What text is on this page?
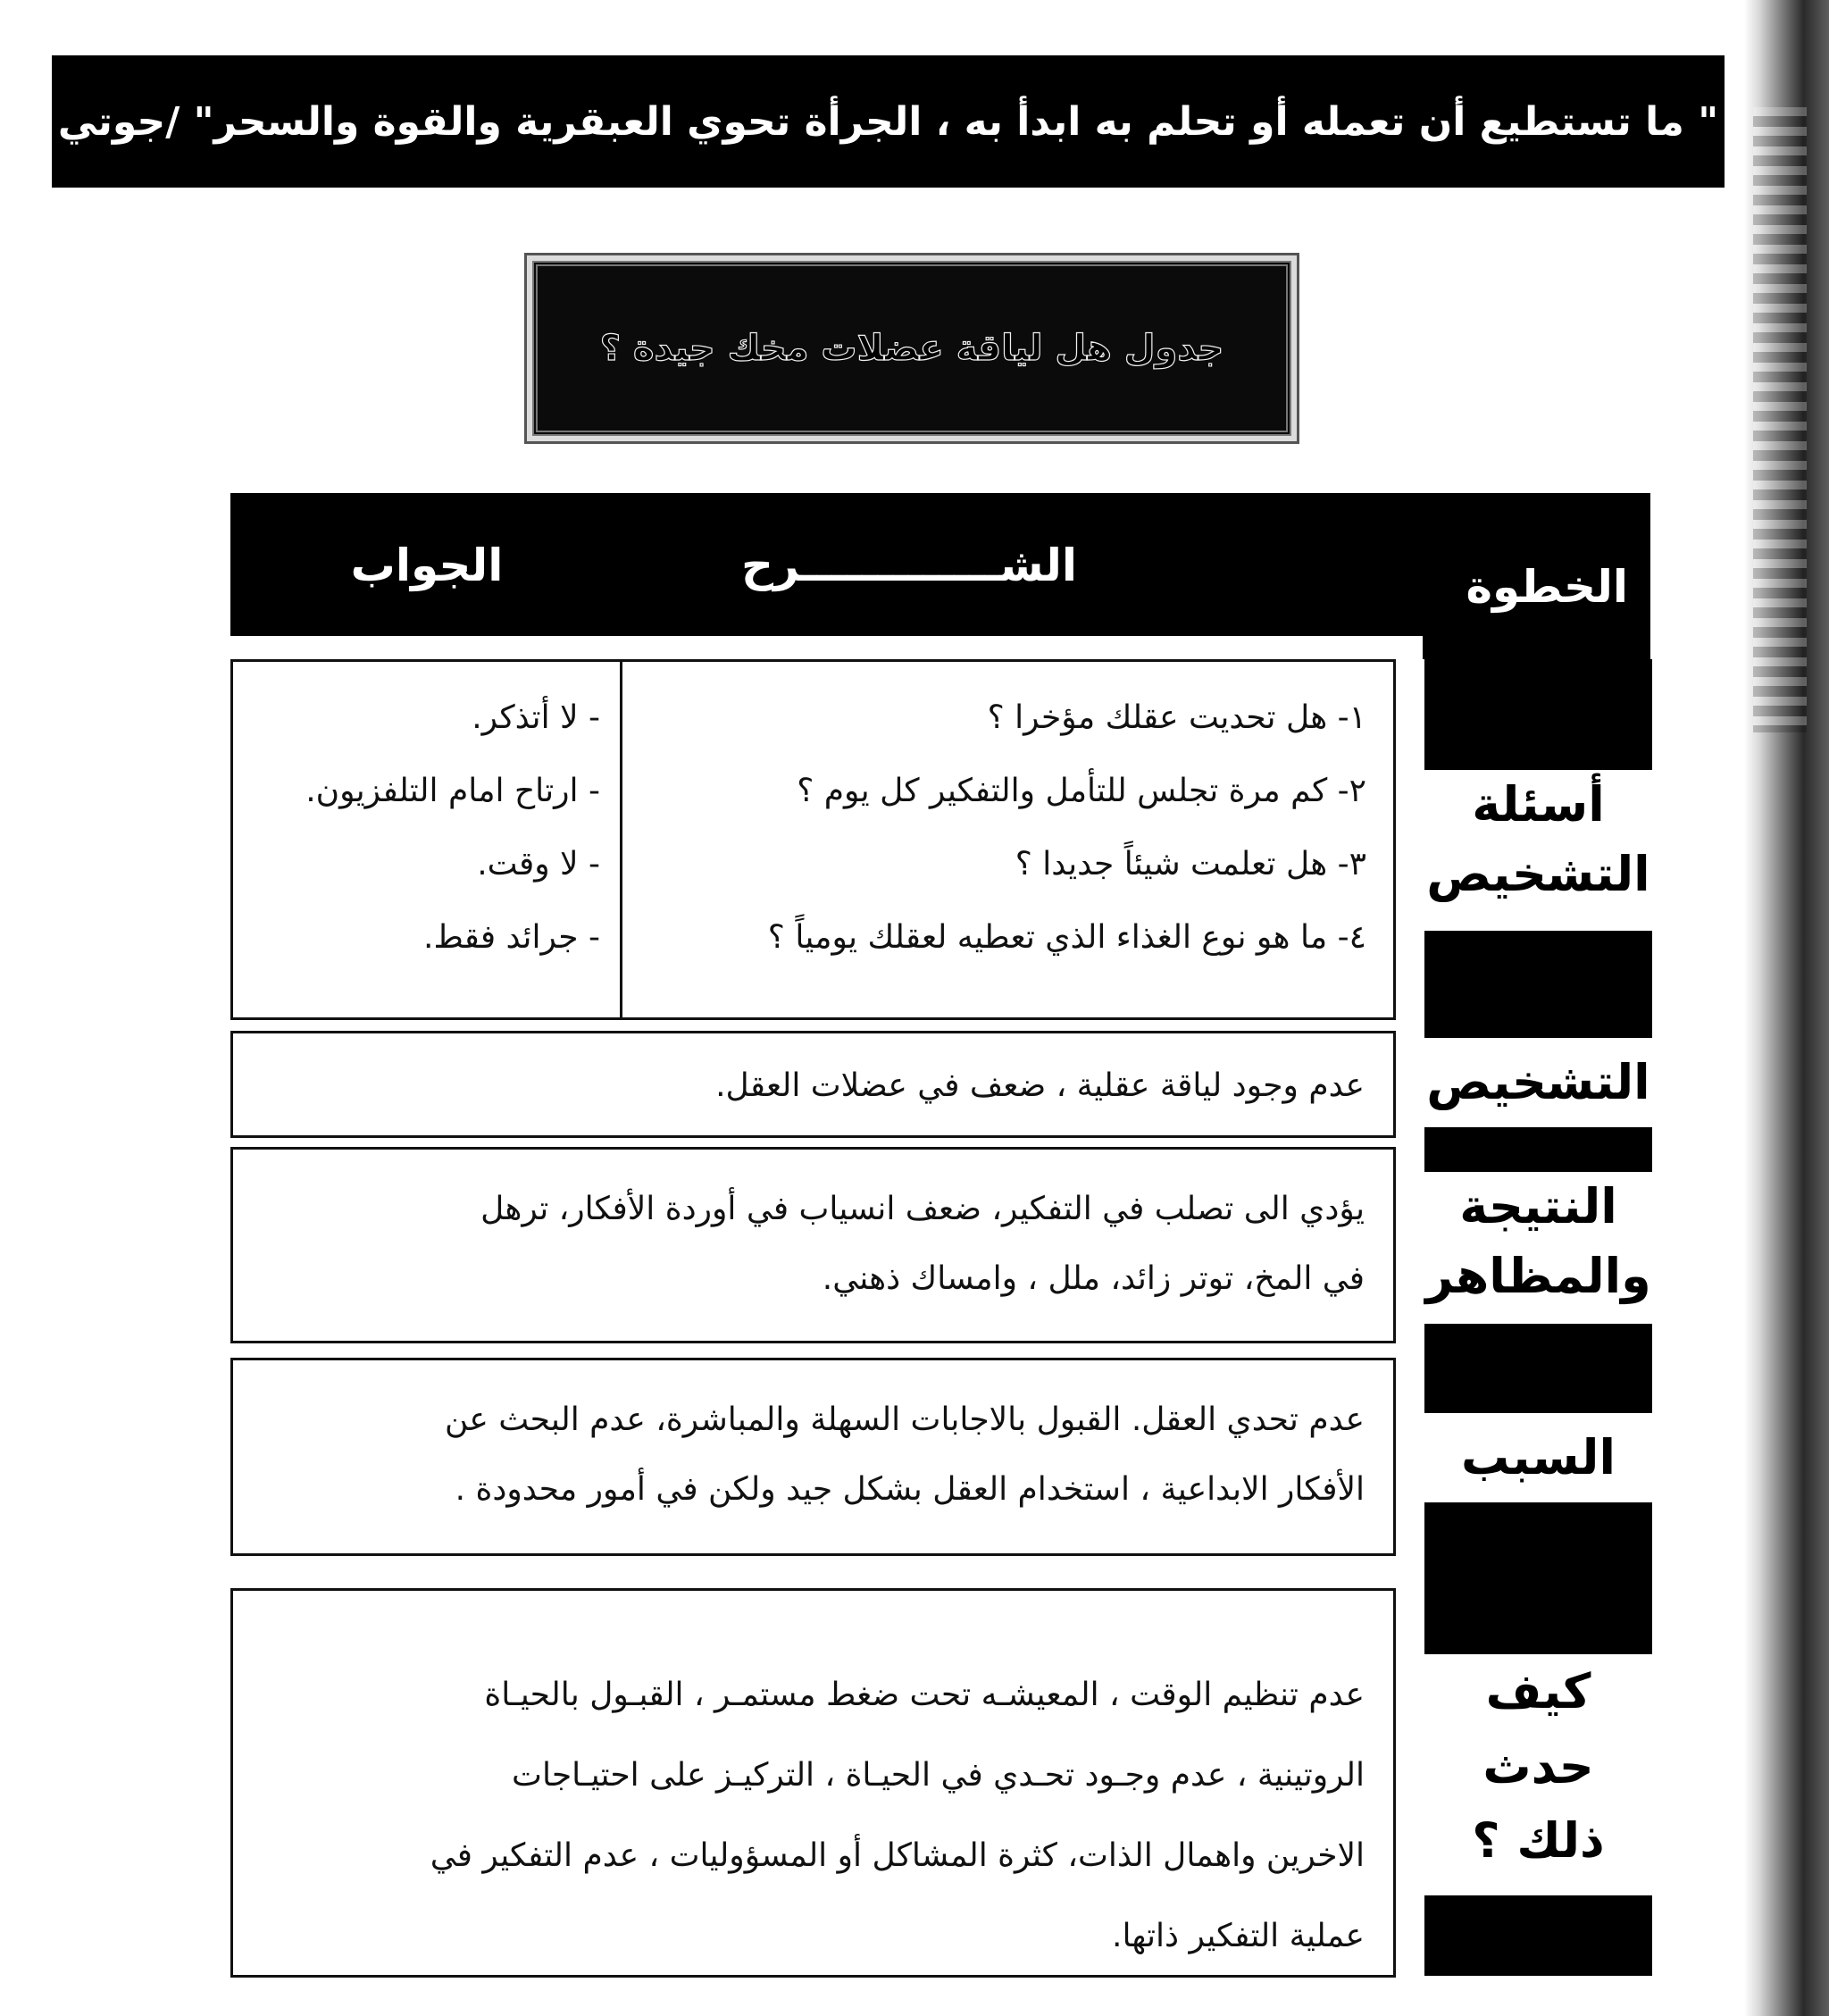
" ما تستطيع أن تعمله أو تحلم به ابدأ به ، الجرأة تحوي العبقرية والقوة والسحر" /جوتي
جدول هل لياقة عضلات مخك جيدة ؟
الخطوة
الشـــــــــــــرح
الجواب
أسئلة
التشخيص
١- هل تحديت عقلك مؤخرا ؟
٢- كم مرة تجلس للتأمل والتفكير كل يوم ؟
٣- هل تعلمت شيئاً جديدا ؟
٤- ما هو نوع الغذاء الذي تعطيه لعقلك يومياً ؟
- لا أتذكر.
- ارتاح امام التلفزيون.
- لا وقت.
- جرائد فقط.
التشخيص
عدم وجود لياقة عقلية ، ضعف في عضلات العقل.
النتيجة
والمظاهر
يؤدي الى تصلب في التفكير، ضعف انسياب في أوردة الأفكار، ترهل
في المخ، توتر زائد، ملل ، وامساك ذهني.
السبب
عدم تحدي العقل. القبول بالاجابات السهلة والمباشرة، عدم البحث عن
الأفكار الابداعية ، استخدام العقل بشكل جيد ولكن في أمور محدودة .
كيف
حدث
ذلك ؟
عدم تنظيم الوقت ، المعيشـه تحت ضغط مستمـر ، القبـول بالحيـاة
الروتينية ، عدم وجـود تحـدي في الحيـاة ، التركيـز على احتيـاجات
الاخرين واهمال الذات، كثرة المشاكل أو المسؤوليات ، عدم التفكير في
عملية التفكير ذاتها.
